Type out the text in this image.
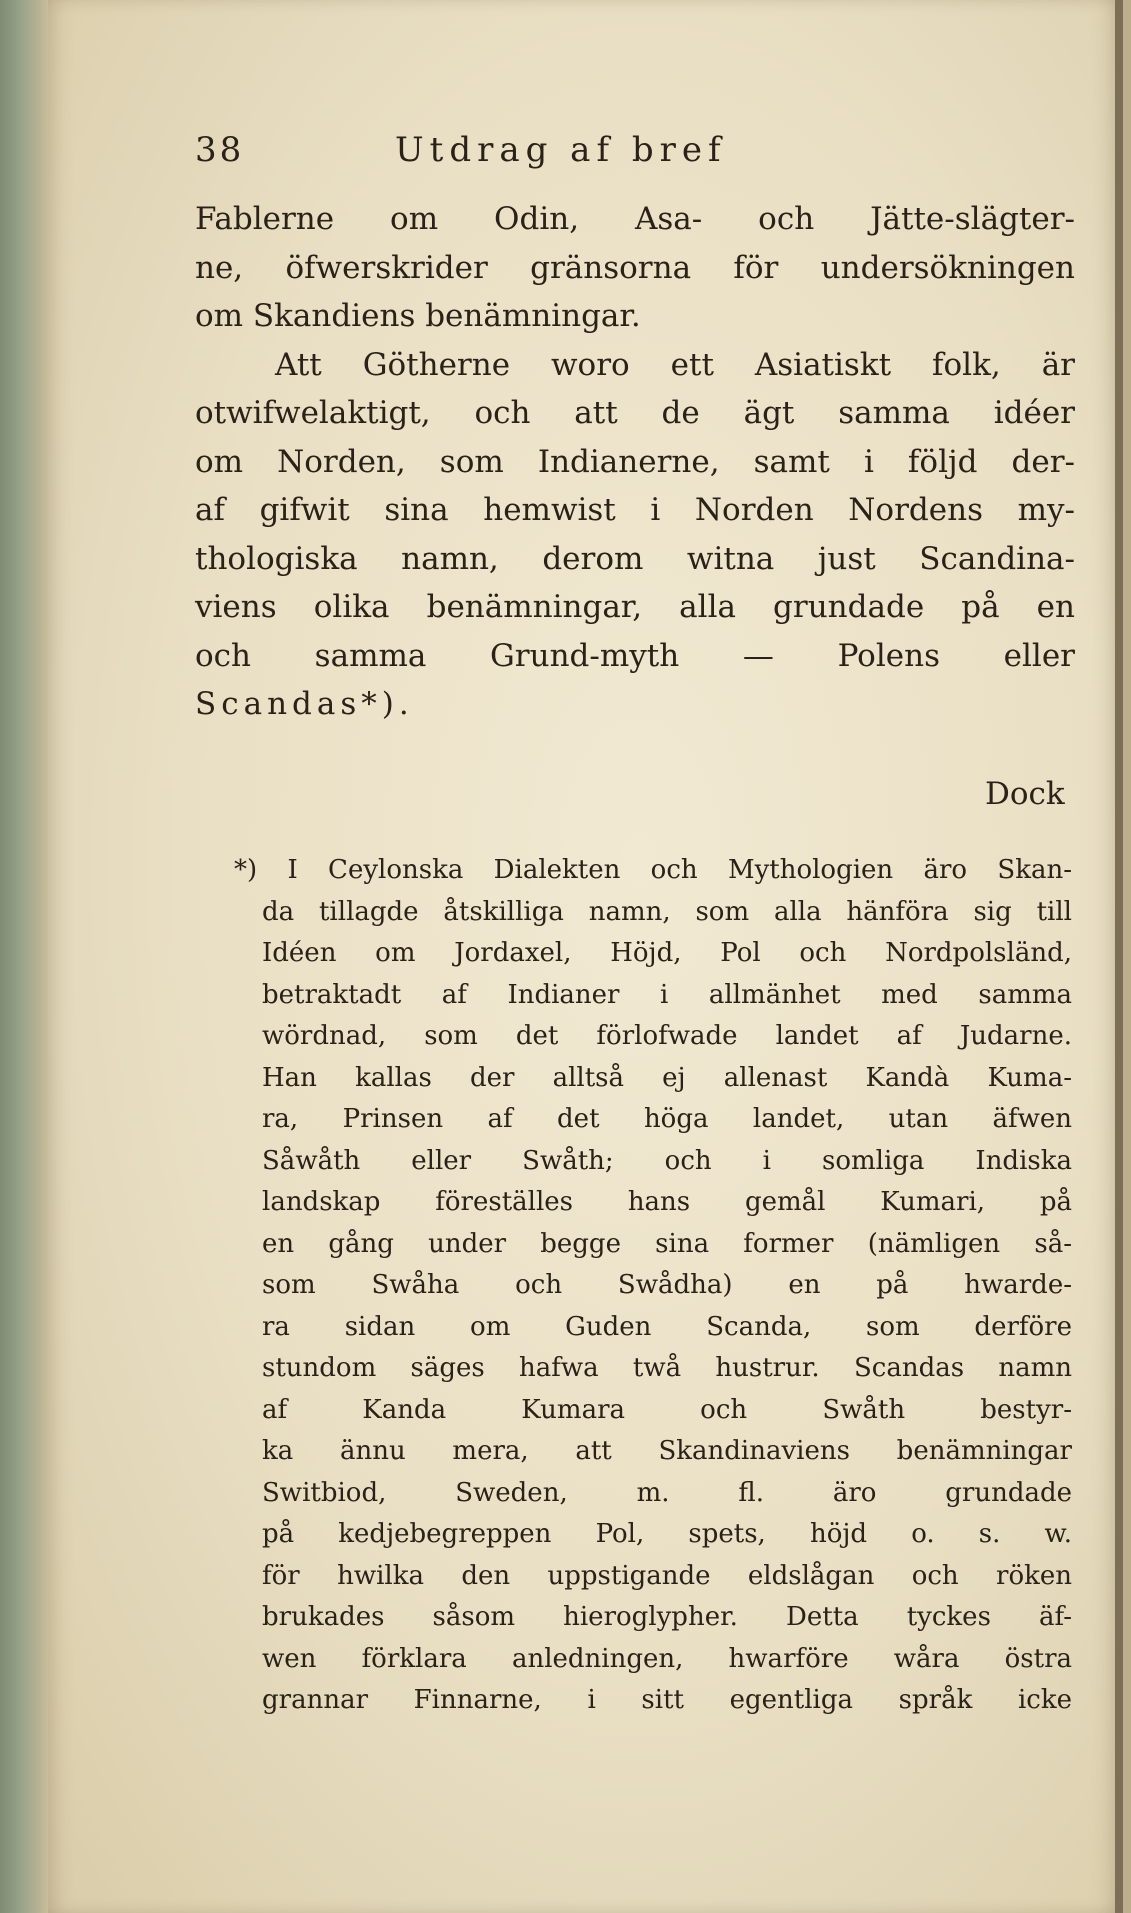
38	Utdrag af bref
Fablerne om Odin, Asa- och Jätte-slägter-
ne, öfwerskrider gränsorna för undersökningen
om Skandiens benämningar.
Att Götherne woro ett Asiatiskt folk, är
otwifwelaktigt, och att de ägt samma idéer
om Norden, som Indianerne, samt i följd der-
af gifwit sina hemwist i Norden Nordens my-
thologiska namn, derom witna just Scandina-
viens olika benämningar, alla grundade på en
och samma Grund-myth — Polens eller
Scandas*).
Dock
*) I Ceylonska Dialekten och Mythologien äro Skan-
da tillagde åtskilliga namn, som alla hänföra sig till
Idéen om Jordaxel, Höjd, Pol och Nordpolsländ,
betraktadt af Indianer i allmänhet med samma
wördnad, som det förlofwade landet af Judarne.
Han kallas der alltså ej allenast Kandà Kuma-
ra, Prinsen af det höga landet, utan äfwen
Såwåth eller Swåth; och i somliga Indiska
landskap föreställes hans gemål Kumari, på
en gång under begge sina former (nämligen så-
som Swåha och Swådha) en på hwarde-
ra sidan om Guden Scanda, som derföre
stundom säges hafwa twå hustrur. Scandas namn
af Kanda Kumara och Swåth bestyr-
ka ännu mera, att Skandinaviens benämningar
Switbiod, Sweden, m. fl. äro grundade
på kedjebegreppen Pol, spets, höjd o. s. w.
för hwilka den uppstigande eldslågan och röken
brukades såsom hieroglypher. Detta tyckes äf-
wen förklara anledningen, hwarföre wåra östra
grannar Finnarne, i sitt egentliga språk icke
